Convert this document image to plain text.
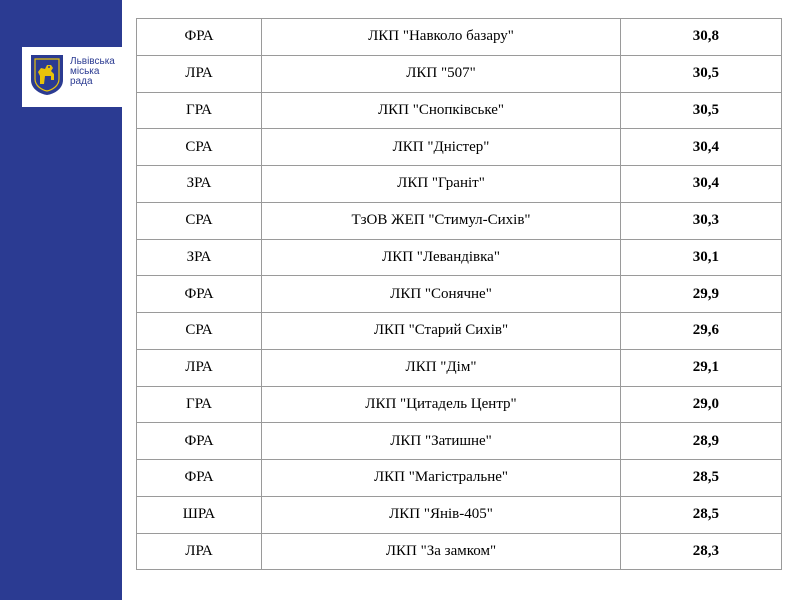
Львівська
міська
рада
ФРА	ЛКП "Навколо базару"	30,8
ЛРА	ЛКП "507"	30,5
ГРА	ЛКП "Снопківське"	30,5
СРА	ЛКП "Дністер"	30,4
ЗРА	ЛКП "Граніт"	30,4
СРА	ТзОВ ЖЕП "Стимул-Сихів"	30,3
ЗРА	ЛКП "Левандівка"	30,1
ФРА	ЛКП "Сонячне"	29,9
СРА	ЛКП "Старий Сихів"	29,6
ЛРА	ЛКП "Дім"	29,1
ГРА	ЛКП "Цитадель Центр"	29,0
ФРА	ЛКП "Затишне"	28,9
ФРА	ЛКП "Магістральне"	28,5
ШРА	ЛКП "Янів-405"	28,5
ЛРА	ЛКП "За замком"	28,3
